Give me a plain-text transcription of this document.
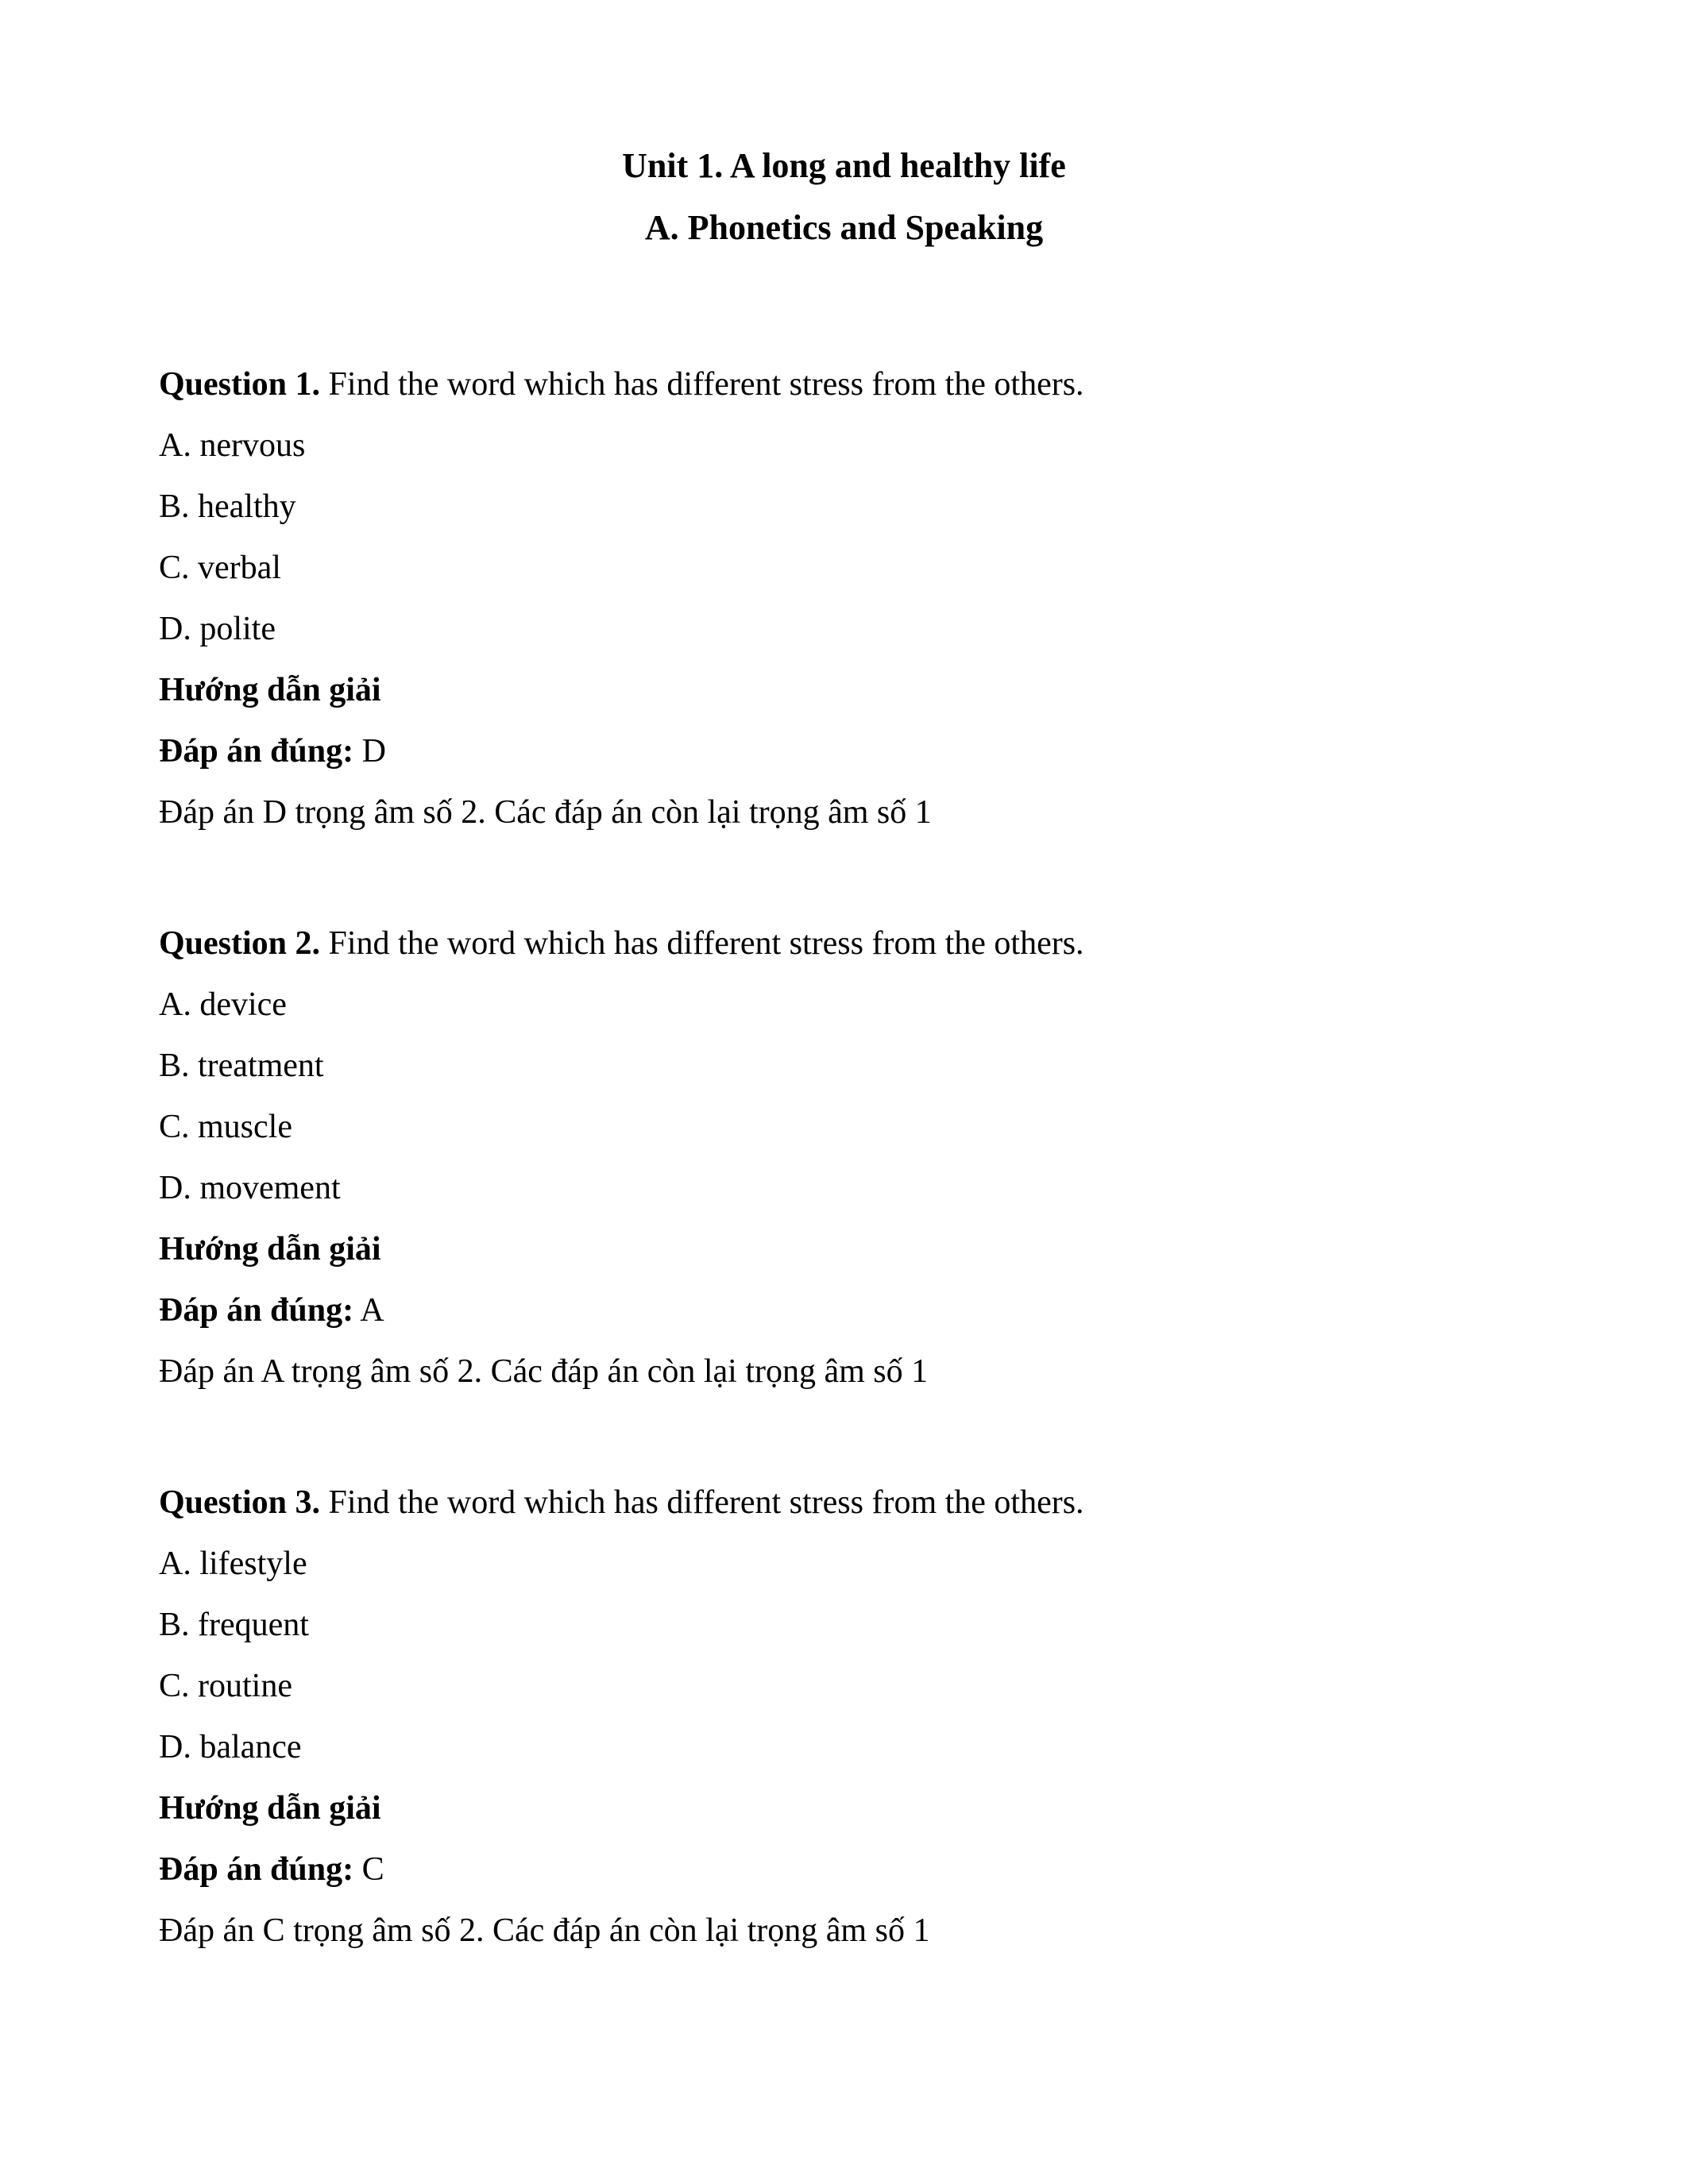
Unit 1. A long and healthy life

A. Phonetics and Speaking

Question 1. Find the word which has different stress from the others.

A. nervous

B. healthy

C. verbal

D. polite

Hướng dẫn giải

Đáp án đúng: D

Đáp án D trọng âm số 2. Các đáp án còn lại trọng âm số 1

Question 2. Find the word which has different stress from the others.

A. device

B. treatment

C. muscle

D. movement

Hướng dẫn giải

Đáp án đúng: A

Đáp án A trọng âm số 2. Các đáp án còn lại trọng âm số 1

Question 3. Find the word which has different stress from the others.

A. lifestyle

B. frequent

C. routine

D. balance

Hướng dẫn giải

Đáp án đúng: C

Đáp án C trọng âm số 2. Các đáp án còn lại trọng âm số 1
